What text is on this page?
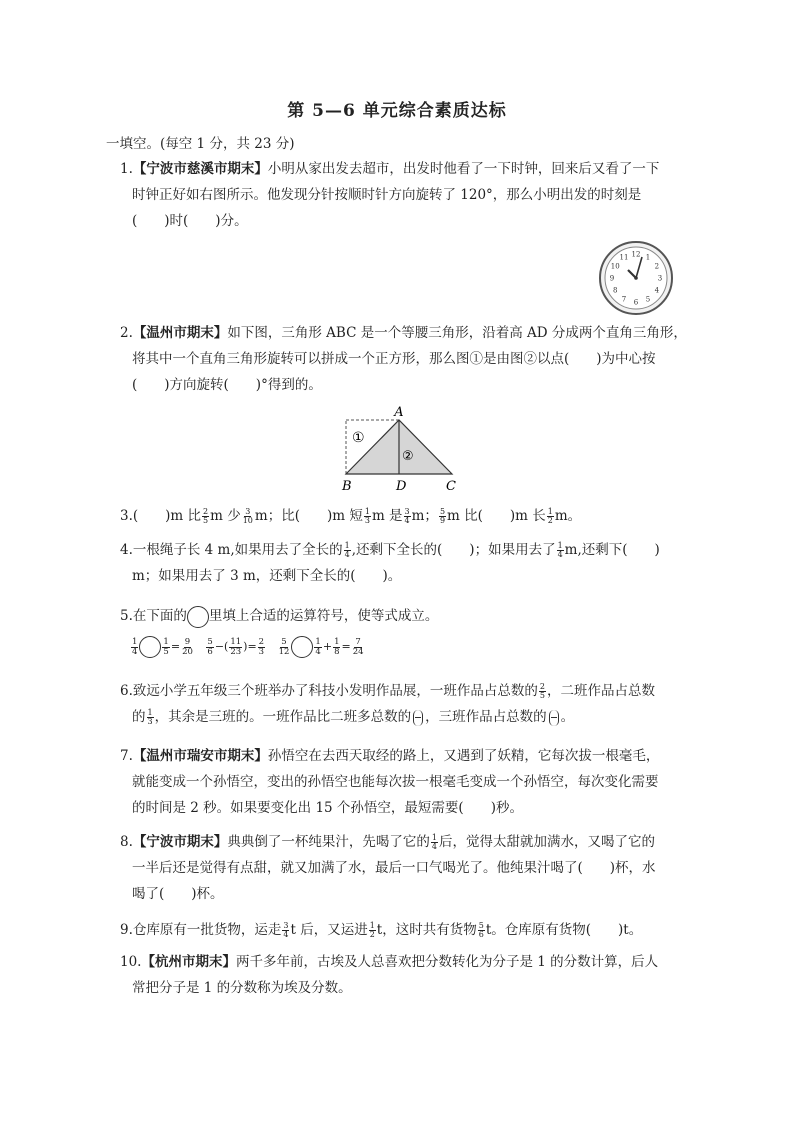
第 5—6 单元综合素质达标
一填空。(每空 1 分，共 23 分)
1.【宁波市慈溪市期末】小明从家出发去超市，出发时他看了一下时钟，回来后又看了一下
时钟正好如右图所示。他发现分针按顺时针方向旋转了 120°，那么小明出发的时刻是
(　　)时(　　)分。
12 1
2
3
4
5
6
7
8
9
10
11
2.【温州市期末】如下图，三角形 ABC 是一个等腰三角形，沿着高 AD 分成两个直角三角形，
将其中一个直角三角形旋转可以拼成一个正方形，那么图①是由图②以点(　　)为中心按
(　　)方向旋转(　　)°得到的。
A
B	D	C
①
②
3.(　　)m 比 $\frac{2}{5}$ m 少 $\frac{3}{10}$ m；比(　　)m 短 $\frac{1}{3}$ m 是 $\frac{3}{4}$ m； $\frac{5}{9}$ m 比(　　)m 长 $\frac{1}{2}$ m。
4.一根绳子长 4 m,如果用去了全长的 $\frac{1}{4}$ ,还剩下全长的(　　)；如果用去了 $\frac{1}{4} m$,还剩下(　　)
m；如果用去了 3 m，还剩下全长的(　　)。
5.在下面的 里填上合适的运算符号，使等式成立。
$\frac{1}{4}$	$\frac{1}{5} = \frac{9}{20}$
$\frac{5}{6}$ −( $\frac{11}{23}$ )= $\frac{2}{3}$
$\frac{5}{12}$	$\frac{1}{4} + \frac{1}{8} = \frac{7}{24}$
6.致远小学五年级三个班举办了科技小发明作品展，一班作品占总数的 $\frac{2}{5}$ ，二班作品占总数
的 $\frac{1}{3}$ ，其余是三班的。一班作品比二班多总数的 ，三班作品占总数的 。
7.【温州市瑞安市期末】孙悟空在去西天取经的路上，又遇到了妖精，它每次拔一根毫毛，
就能变成一个孙悟空，变出的孙悟空也能每次拔一根毫毛变成一个孙悟空，每次变化需要
的时间是 2 秒。如果要变化出 15 个孙悟空，最短需要(　　)秒。
8.【宁波市期末】典典倒了一杯纯果汁，先喝了它的 $\frac{1}{4}$ 后，觉得太甜就加满水，又喝了它的
一半后还是觉得有点甜，就又加满了水，最后一口气喝光了。他纯果汁喝了(　　)杯，水
喝了(　　)杯。
9.仓库原有一批货物，运走 $\frac{3}{4}$ t 后，又运进 $\frac{1}{2}$ t，这时共有货物 $\frac{5}{6}$ t。仓库原有货物(　　)t。
10.【杭州市期末】两千多年前，古埃及人总喜欢把分数转化为分子是 1 的分数计算，后人
常把分子是 1 的分数称为埃及分数。
